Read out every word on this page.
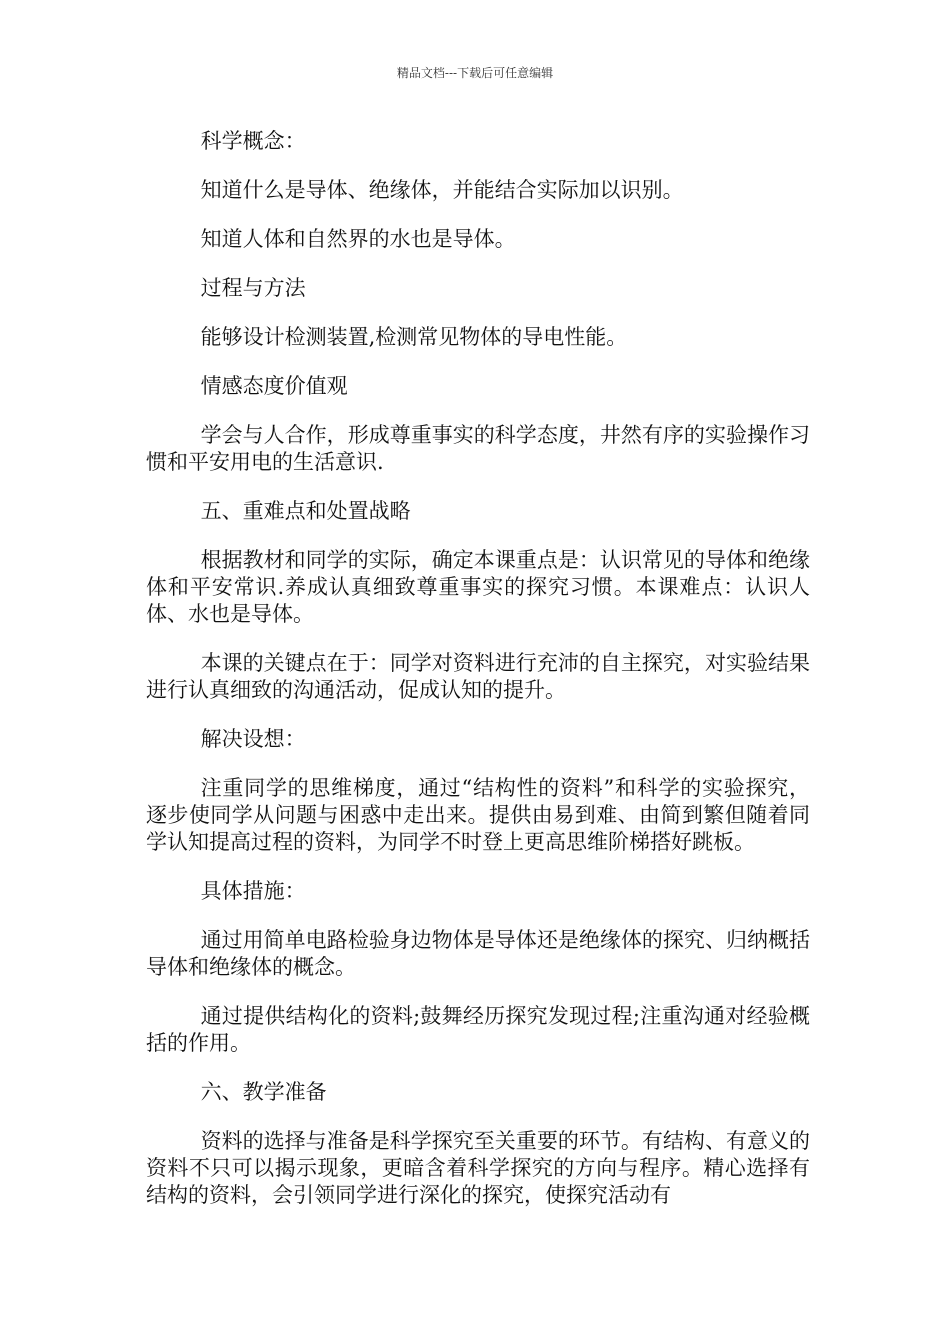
精品文档---下载后可任意编辑

科学概念：

知道什么是导体、绝缘体，并能结合实际加以识别。

知道人体和自然界的水也是导体。

过程与方法

能够设计检测装置,检测常见物体的导电性能。

情感态度价值观

学会与人合作，形成尊重事实的科学态度，井然有序的实验操作习惯和平安用电的生活意识.

五、重难点和处置战略

根据教材和同学的实际，确定本课重点是：认识常见的导体和绝缘体和平安常识.养成认真细致尊重事实的探究习惯。本课难点：认识人体、水也是导体。

本课的关键点在于：同学对资料进行充沛的自主探究，对实验结果进行认真细致的沟通活动，促成认知的提升。

解决设想：

注重同学的思维梯度，通过“结构性的资料”和科学的实验探究，逐步使同学从问题与困惑中走出来。提供由易到难、由简到繁但随着同学认知提高过程的资料，为同学不时登上更高思维阶梯搭好跳板。

具体措施：

通过用简单电路检验身边物体是导体还是绝缘体的探究、归纳概括导体和绝缘体的概念。

通过提供结构化的资料;鼓舞经历探究发现过程;注重沟通对经验概括的作用。

六、教学准备

资料的选择与准备是科学探究至关重要的环节。有结构、有意义的资料不只可以揭示现象，更暗含着科学探究的方向与程序。精心选择有结构的资料，会引领同学进行深化的探究，使探究活动有
